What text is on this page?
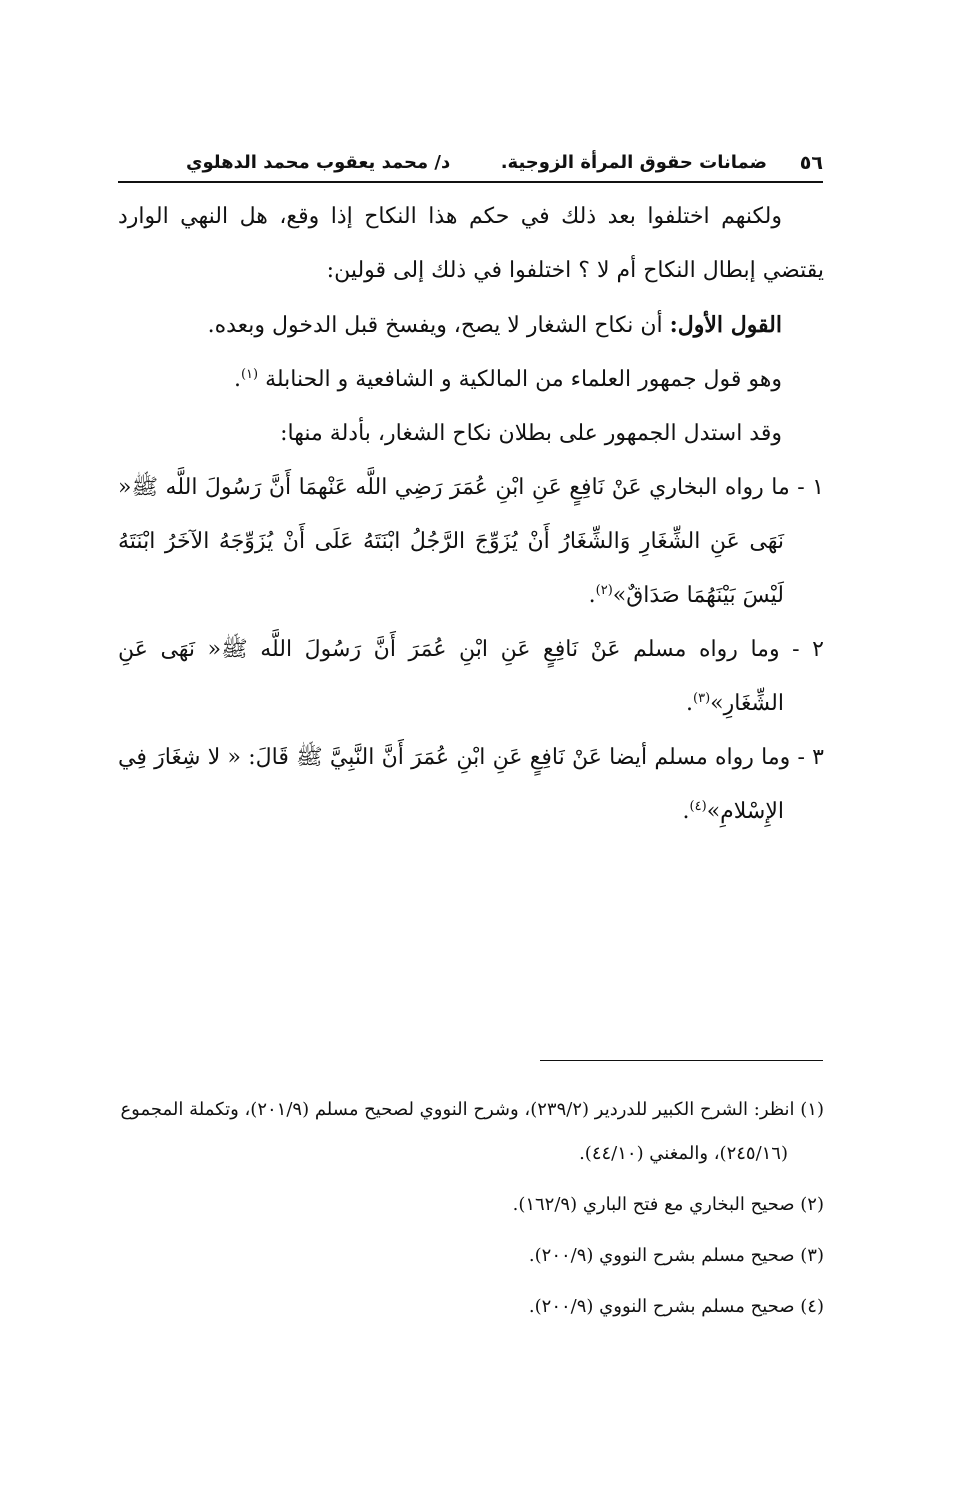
٥٦
ضمانات حقوق المرأة الزوجية.
د/ محمد يعقوب محمد الدهلوي

ولكنهم اختلفوا بعد ذلك في حكم هذا النكاح إذا وقع، هل النهي الوارد يقتضي إبطال النكاح أم لا ؟ اختلفوا في ذلك إلى قولين:

القول الأول: أن نكاح الشغار لا يصح، ويفسخ قبل الدخول وبعده.

وهو قول جمهور العلماء من المالكية و الشافعية و الحنابلة $^{(١)}$.

وقد استدل الجمهور على بطلان نكاح الشغار، بأدلة منها:

١ - ما رواه البخاري عَنْ نَافِعٍ عَنِ ابْنِ عُمَرَ رَضِي اللَّه عَنْهمَا أَنَّ رَسُولَ اللَّه ﷺ« نَهَى عَنِ الشِّغَارِ وَالشِّغَارُ أَنْ يُزَوِّجَ الرَّجُلُ ابْنَتَهُ عَلَى أَنْ يُزَوِّجَهُ الآخَرُ ابْنَتَهُ لَيْسَ بَيْنَهُمَا صَدَاقٌ»$^{(٢)}$.

٢ - وما رواه مسلم عَنْ نَافِعٍ عَنِ ابْنِ عُمَرَ أَنَّ رَسُولَ اللَّه ﷺ« نَهَى عَنِ الشِّغَارِ»$^{(٣)}$.

٣ - وما رواه مسلم أيضا عَنْ نَافِعٍ عَنِ ابْنِ عُمَرَ أَنَّ النَّبِيَّ ﷺ قَالَ: « لا شِغَارَ فِي الإِسْلامِ»$^{(٤)}$.

(١) انظر: الشرح الكبير للدردير (٢٣٩/٢)، وشرح النووي لصحيح مسلم (٢٠١/٩)، وتكملة المجموع (٢٤٥/١٦)، والمغني (٤٤/١٠).

(٢) صحيح البخاري مع فتح الباري (١٦٢/٩).

(٣) صحيح مسلم بشرح النووي (٢٠٠/٩).

(٤) صحيح مسلم بشرح النووي (٢٠٠/٩).
